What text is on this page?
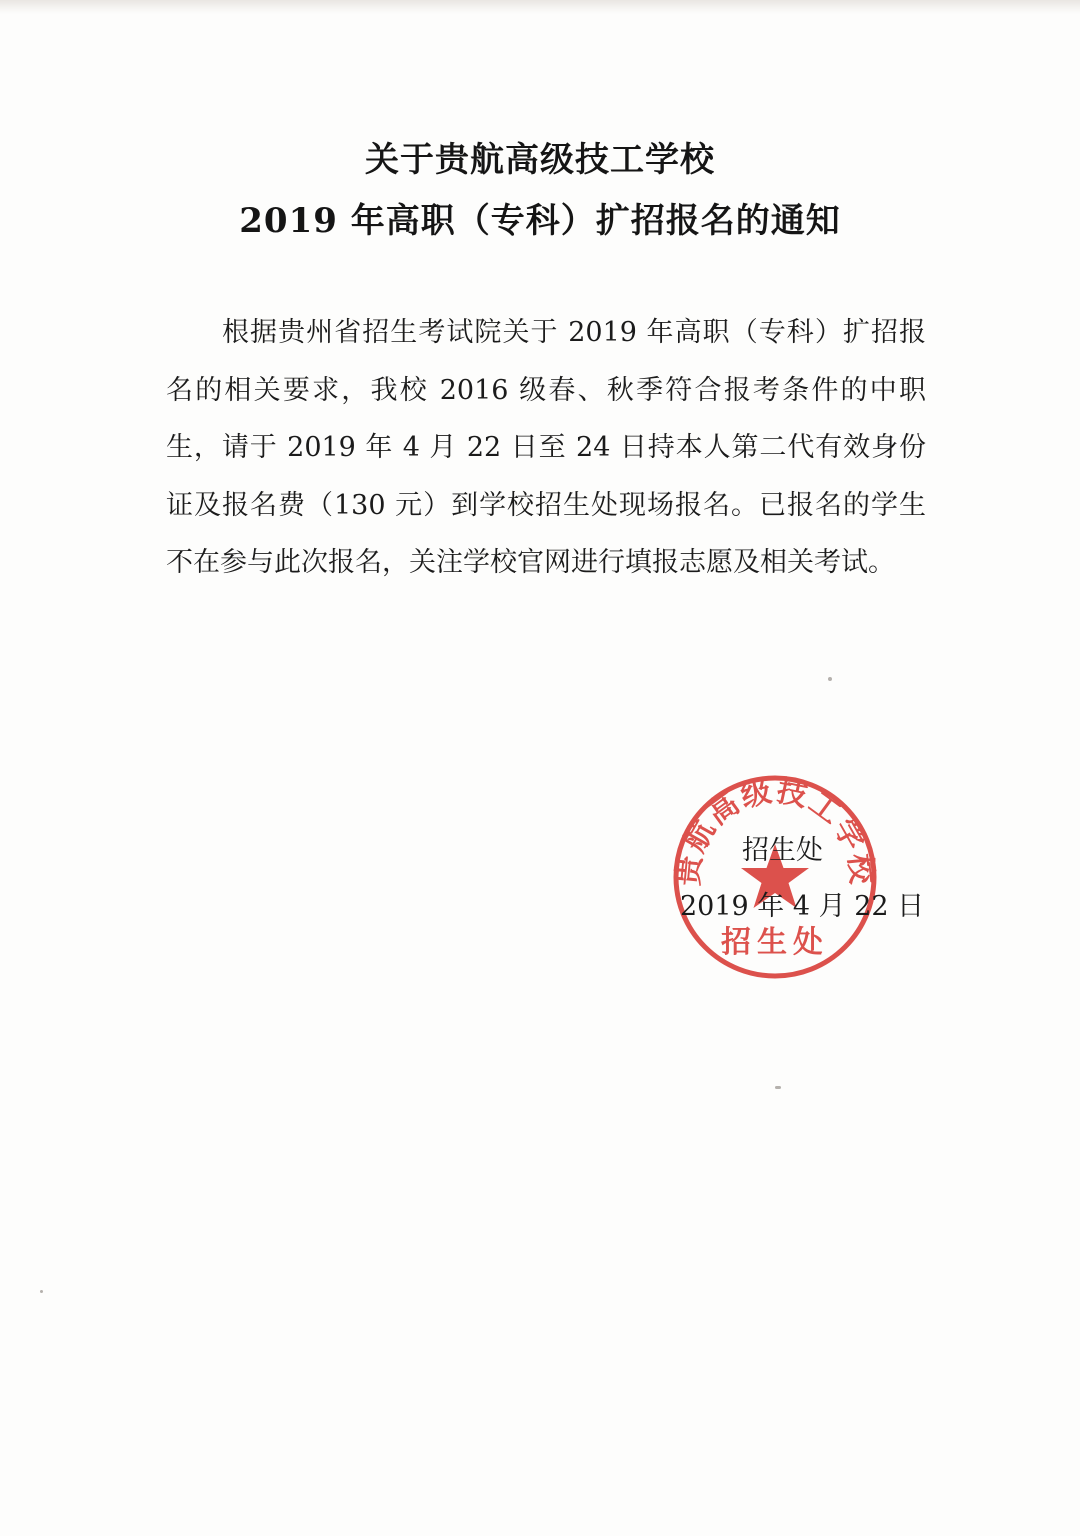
关于贵航高级技工学校
2019 年高职（专科）扩招报名的通知

根据贵州省招生考试院关于 2019 年高职（专科）扩招报名的相关要求，我校 2016 级春、秋季符合报考条件的中职生，请于 2019 年 4 月 22 日至 24 日持本人第二代有效身份证及报名费（130 元）到学校招生处现场报名。已报名的学生不在参与此次报名，关注学校官网进行填报志愿及相关考试。

贵航高级技工学校
招生处
招生处
2019 年 4 月 22 日
